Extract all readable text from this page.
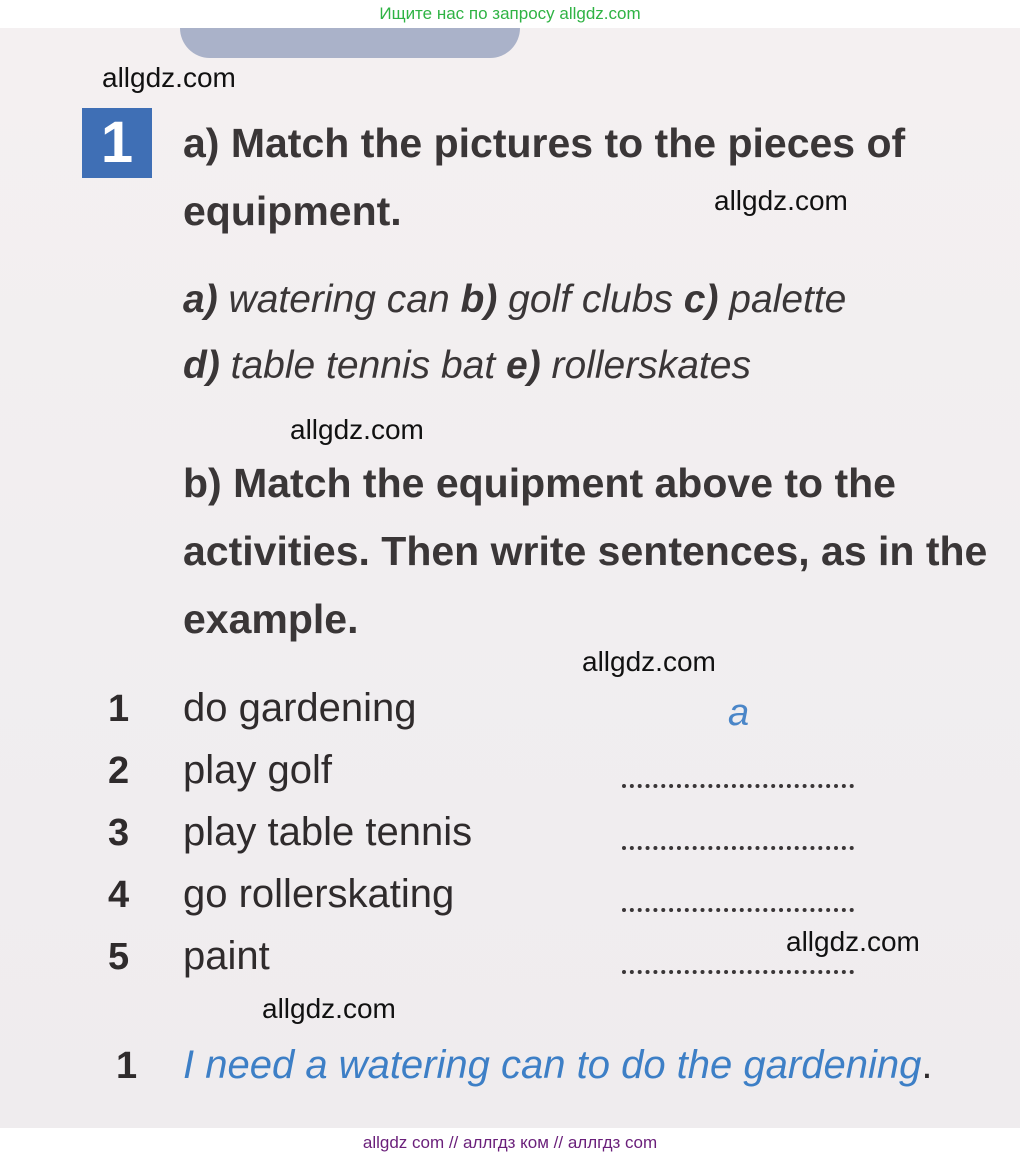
Ищите нас по запросу allgdz.com
1	a) Match the pictures to the pieces of
equipment.
a) watering can b) golf clubs c) palette
d) table tennis bat e) rollerskates
b) Match the equipment above to the
activities. Then write sentences, as in the
example.
1 do gardening	a
2 play golf
3 play table tennis
4 go rollerskating
5 paint
1 I need a watering can to do the gardening.
allgdz.com
allgdz.com
allgdz.com
allgdz.com
allgdz.com
allgdz.com
allgdz com // аллгдз ком // аллгдз com
